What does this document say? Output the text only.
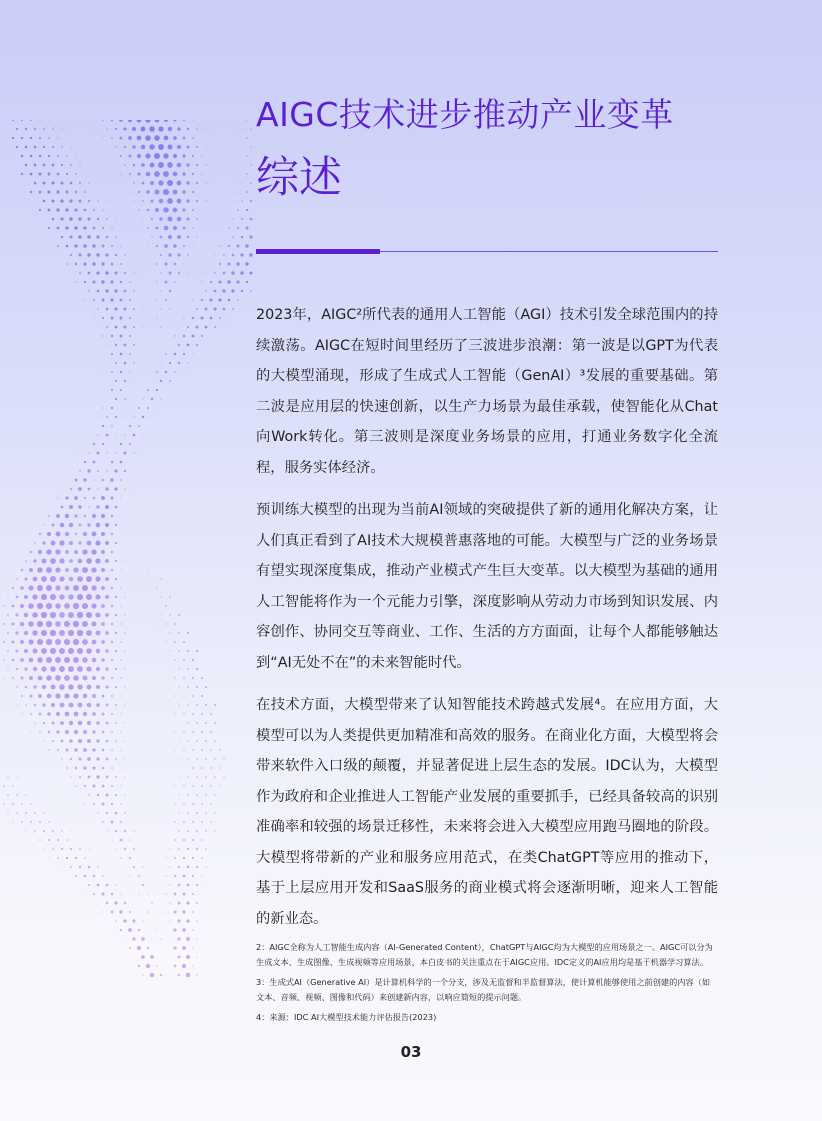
AIGC技术进步推动产业变革
综述

2023年，AIGC²所代表的通用人工智能（AGI）技术引发全球范围内的持续激荡。AIGC在短时间里经历了三波进步浪潮：第一波是以GPT为代表的大模型涌现，形成了生成式人工智能（GenAI）³发展的重要基础。第二波是应用层的快速创新，以生产力场景为最佳承载，使智能化从Chat向Work转化。第三波则是深度业务场景的应用，打通业务数字化全流程，服务实体经济。

预训练大模型的出现为当前AI领域的突破提供了新的通用化解决方案，让人们真正看到了AI技术大规模普惠落地的可能。大模型与广泛的业务场景有望实现深度集成，推动产业模式产生巨大变革。以大模型为基础的通用人工智能将作为一个元能力引擎，深度影响从劳动力市场到知识发展、内容创作、协同交互等商业、工作、生活的方方面面，让每个人都能够触达到“AI无处不在”的未来智能时代。

在技术方面，大模型带来了认知智能技术跨越式发展⁴。在应用方面，大模型可以为人类提供更加精准和高效的服务。在商业化方面，大模型将会带来软件入口级的颠覆，并显著促进上层生态的发展。IDC认为，大模型作为政府和企业推进人工智能产业发展的重要抓手，已经具备较高的识别准确率和较强的场景迁移性，未来将会进入大模型应用跑马圈地的阶段。大模型将带新的产业和服务应用范式，在类ChatGPT等应用的推动下，基于上层应用开发和SaaS服务的商业模式将会逐渐明晰，迎来人工智能的新业态。

2：AIGC全称为人工智能生成内容（AI-Generated Content），ChatGPT与AIGC均为大模型的应用场景之一。AIGC可以分为生成文本、生成图像、生成视频等应用场景，本白皮书的关注重点在于AIGC应用。IDC定义的AI应用均是基于机器学习算法。

3：生成式AI（Generative AI）是计算机科学的一个分支，涉及无监督和半监督算法，使计算机能够使用之前创建的内容（如文本、音频、视频、图像和代码）来创建新内容，以响应简短的提示问题。

4：来源：IDC AI大模型技术能力评估报告(2023)

03
